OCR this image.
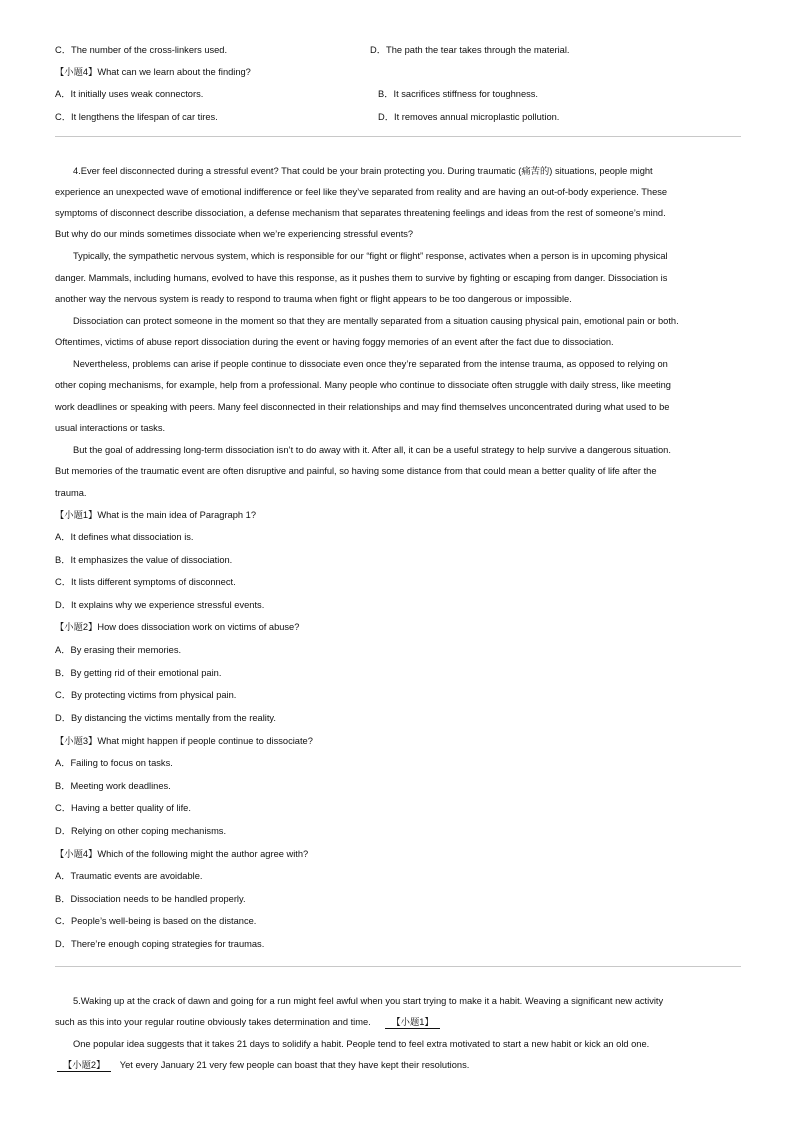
C．The number of the cross-linkers used.	D．The path the tear takes through the material.
【小题4】What can we learn about the finding?
A．It initially uses weak connectors.	B．It sacrifices stiffness for toughness.
C．It lengthens the lifespan of car tires.	D．It removes annual microplastic pollution.
4.Ever feel disconnected during a stressful event? That could be your brain protecting you. During traumatic (痛苦的) situations, people might
experience an unexpected wave of emotional indifference or feel like they’ve separated from reality and are having an out-of-body experience. These
symptoms of disconnect describe dissociation, a defense mechanism that separates threatening feelings and ideas from the rest of someone’s mind.
But why do our minds sometimes dissociate when we’re experiencing stressful events?
Typically, the sympathetic nervous system, which is responsible for our “fight or flight” response, activates when a person is in upcoming physical
danger. Mammals, including humans, evolved to have this response, as it pushes them to survive by fighting or escaping from danger. Dissociation is
another way the nervous system is ready to respond to trauma when fight or flight appears to be too dangerous or impossible.
Dissociation can protect someone in the moment so that they are mentally separated from a situation causing physical pain, emotional pain or both.
Oftentimes, victims of abuse report dissociation during the event or having foggy memories of an event after the fact due to dissociation.
Nevertheless, problems can arise if people continue to dissociate even once they’re separated from the intense trauma, as opposed to relying on
other coping mechanisms, for example, help from a professional. Many people who continue to dissociate often struggle with daily stress, like meeting
work deadlines or speaking with peers. Many feel disconnected in their relationships and may find themselves unconcentrated during what used to be
usual interactions or tasks.
But the goal of addressing long-term dissociation isn’t to do away with it. After all, it can be a useful strategy to help survive a dangerous situation.
But memories of the traumatic event are often disruptive and painful, so having some distance from that could mean a better quality of life after the
trauma.
【小题1】What is the main idea of Paragraph 1?
A．It defines what dissociation is.
B．It emphasizes the value of dissociation.
C．It lists different symptoms of disconnect.
D．It explains why we experience stressful events.
【小题2】How does dissociation work on victims of abuse?
A．By erasing their memories.
B．By getting rid of their emotional pain.
C．By protecting victims from physical pain.
D．By distancing the victims mentally from the reality.
【小题3】What might happen if people continue to dissociate?
A．Failing to focus on tasks.
B．Meeting work deadlines.
C．Having a better quality of life.
D．Relying on other coping mechanisms.
【小题4】Which of the following might the author agree with?
A．Traumatic events are avoidable.
B．Dissociation needs to be handled properly.
C．People’s well-being is based on the distance.
D．There’re enough coping strategies for traumas.
5.Waking up at the crack of dawn and going for a run might feel awful when you start trying to make it a habit. Weaving a significant new activity
such as this into your regular routine obviously takes determination and time. 【小题1】
One popular idea suggests that it takes 21 days to solidify a habit. People tend to feel extra motivated to start a new habit or kick an old one.
【小题2】 Yet every January 21 very few people can boast that they have kept their resolutions.
